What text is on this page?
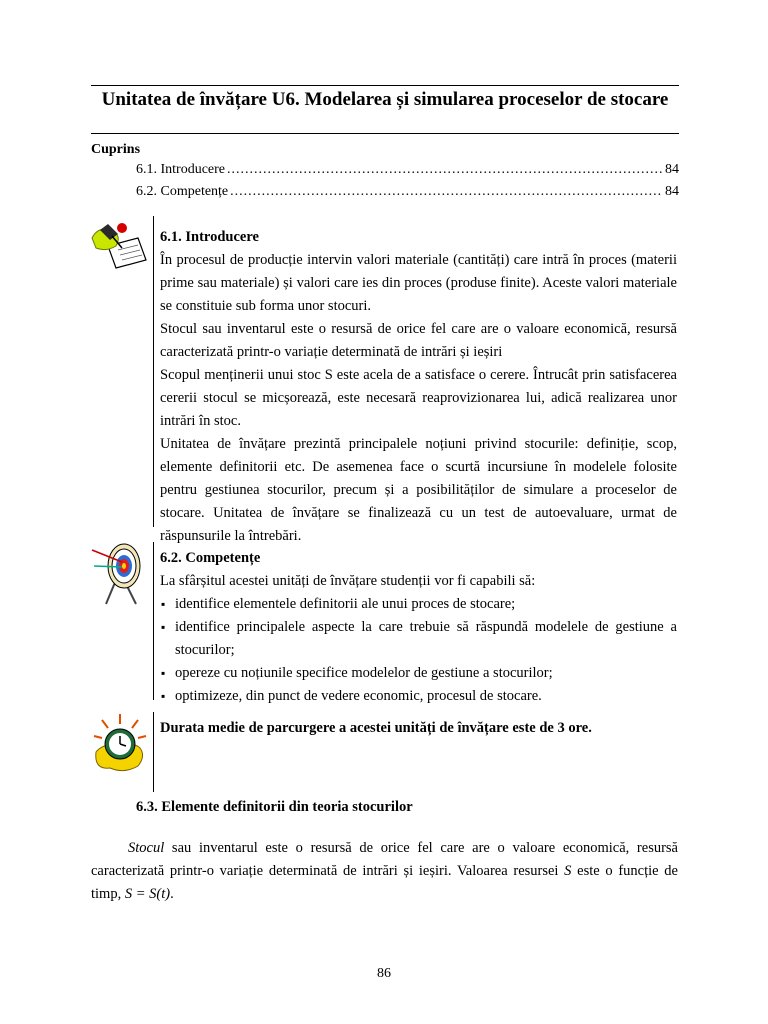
Unitatea de învățare U6. Modelarea și simularea proceselor de stocare
Cuprins
6.1. Introducere .....	84
6.2. Competențe .....	84

6.1. Introducere

În procesul de producție intervin valori materiale (cantități) care intră în proces (materii prime sau materiale) și valori care ies din proces (produse finite). Aceste valori materiale se constituie sub forma unor stocuri.

Stocul sau inventarul este o resursă de orice fel care are o valoare economică, resursă caracterizată printr-o variație determinată de intrări și ieșiri

Scopul menținerii unui stoc S este acela de a satisface o cerere. Întrucât prin satisfacerea cererii stocul se micșorează, este necesară reaprovizionarea lui, adică realizarea unor intrări în stoc.

Unitatea de învățare prezintă principalele noțiuni privind stocurile: definiție, scop, elemente definitorii etc. De asemenea face o scurtă incursiune în modelele folosite pentru gestiunea stocurilor, precum și a posibilităților de simulare a proceselor de stocare. Unitatea de învățare se finalizează cu un test de autoevaluare, urmat de răspunsurile la întrebări.

6.2. Competențe

La sfârșitul acestei unități de învățare studenții vor fi capabili să:

▪ identifice elementele definitorii ale unui proces de stocare;
▪ identifice principalele aspecte la care trebuie să răspundă modelele de gestiune a stocurilor;
▪ opereze cu noțiunile specifice modelelor de gestiune a stocurilor;
▪ optimizeze, din punct de vedere economic, procesul de stocare.
Durata medie de parcurgere a acestei unități de învățare este de 3 ore.
6.3. Elemente definitorii din teoria stocurilor
Stocul sau inventarul este o resursă de orice fel care are o valoare economică, resursă caracterizată printr-o variație determinată de intrări și ieșiri. Valoarea resursei S este o funcție de timp, S = S(t).
86
